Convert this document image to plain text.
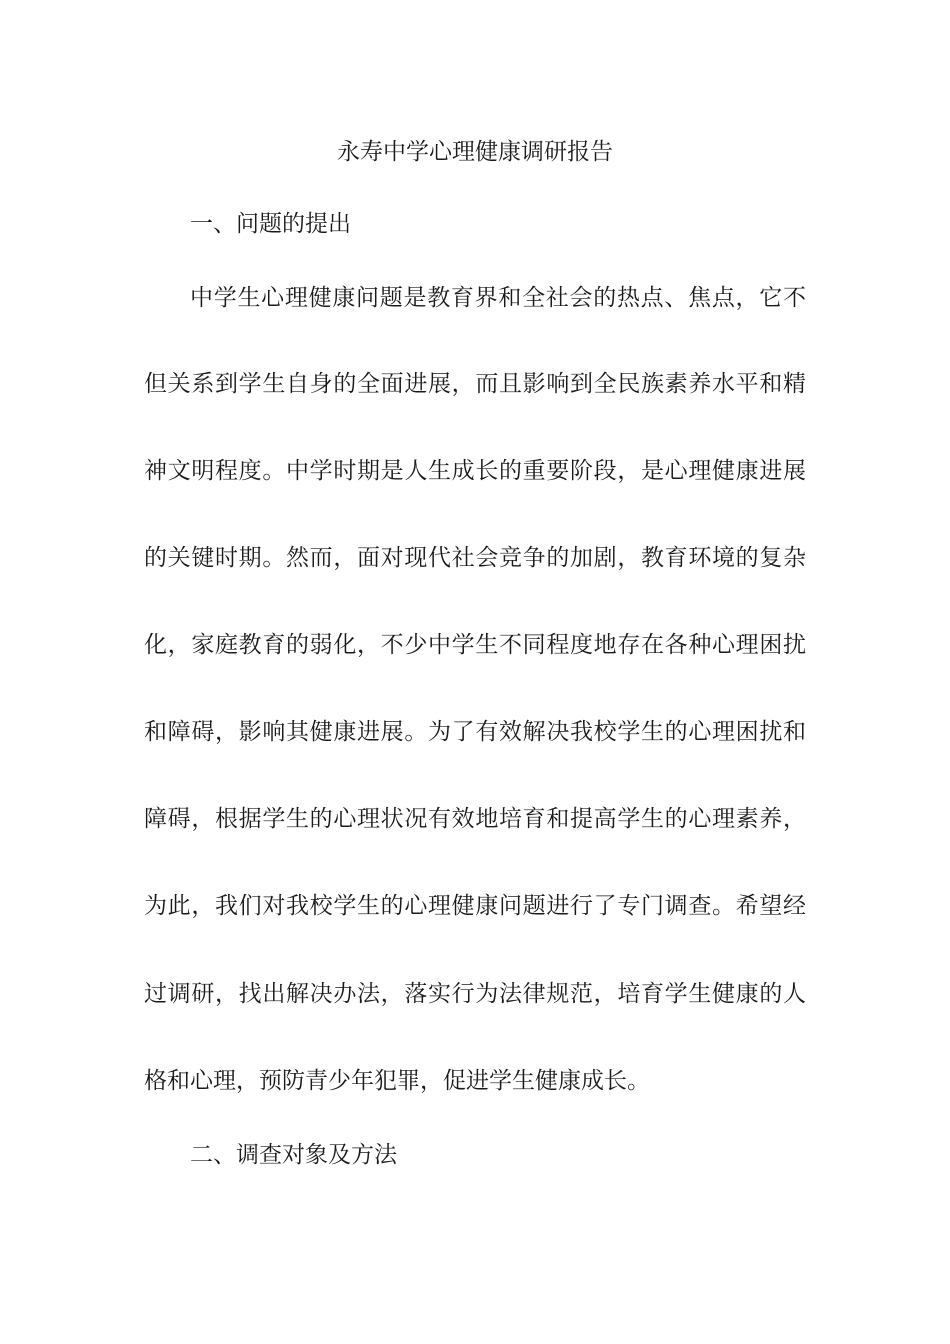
永寿中学心理健康调研报告
一、问题的提出
中学生心理健康问题是教育界和全社会的热点、焦点，它不
但关系到学生自身的全面进展，而且影响到全民族素养水平和精
神文明程度。中学时期是人生成长的重要阶段，是心理健康进展
的关键时期。然而，面对现代社会竞争的加剧，教育环境的复杂
化，家庭教育的弱化，不少中学生不同程度地存在各种心理困扰
和障碍，影响其健康进展。为了有效解决我校学生的心理困扰和
障碍，根据学生的心理状况有效地培育和提高学生的心理素养，
为此，我们对我校学生的心理健康问题进行了专门调查。希望经
过调研，找出解决办法，落实行为法律规范，培育学生健康的人
格和心理，预防青少年犯罪，促进学生健康成长。
二、调查对象及方法
